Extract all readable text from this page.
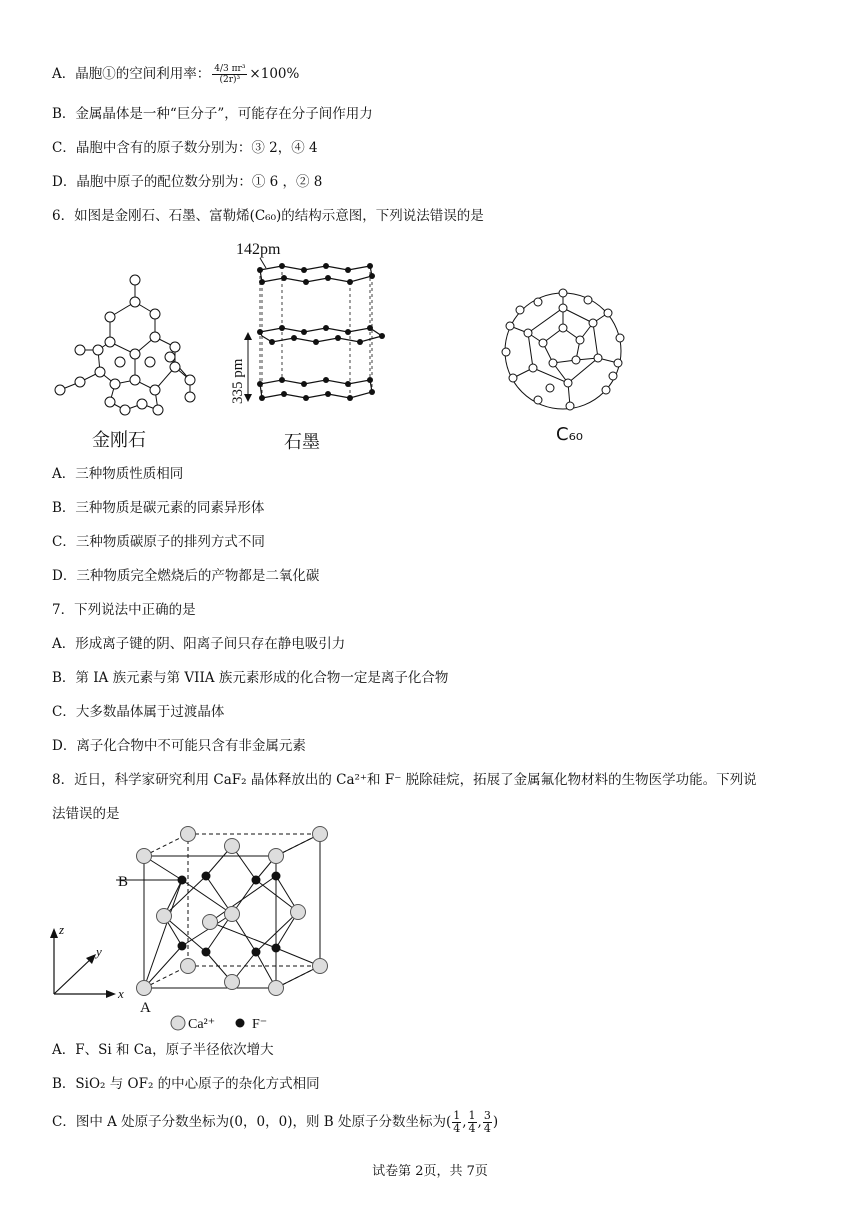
A．晶胞①的空间利用率： $\frac{\text{4/3 πr³}}{\text{(2r)³}} \times 100\%$
B．金属晶体是一种“巨分子”，可能存在分子间作用力
C．晶胞中含有的原子数分别为：③ 2，④ 4
D．晶胞中原子的配位数分别为：① 6 ，② 8
6．如图是金刚石、石墨、富勒烯(C₆₀)的结构示意图，下列说法错误的是
金刚石
142pm
335 pm
石墨	C₆₀
A．三种物质性质相同
B．三种物质是碳元素的同素异形体
C．三种物质碳原子的排列方式不同
D．三种物质完全燃烧后的产物都是二氧化碳
7．下列说法中正确的是
A．形成离子键的阴、阳离子间只存在静电吸引力
B．第 IA 族元素与第 VIIA 族元素形成的化合物一定是离子化合物
C．大多数晶体属于过渡晶体
D．离子化合物中不可能只含有非金属元素
8．近日，科学家研究利用 CaF₂ 晶体释放出的 Ca²⁺和 F⁻ 脱除硅烷，拓展了金属氟化物材料的生物医学功能。下列说
法错误的是
B
z
y
x
A
Ca²⁺	F⁻
A．F、Si 和 Ca，原子半径依次增大
B．SiO₂ 与 OF₂ 的中心原子的杂化方式相同
C．图中 A 处原子分数坐标为(0，0，0)，则 B 处原子分数坐标为( $\frac{1}{4}$ , $\frac{1}{4}$ , $\frac{3}{4}$ )
试卷第 2页，共 7页
